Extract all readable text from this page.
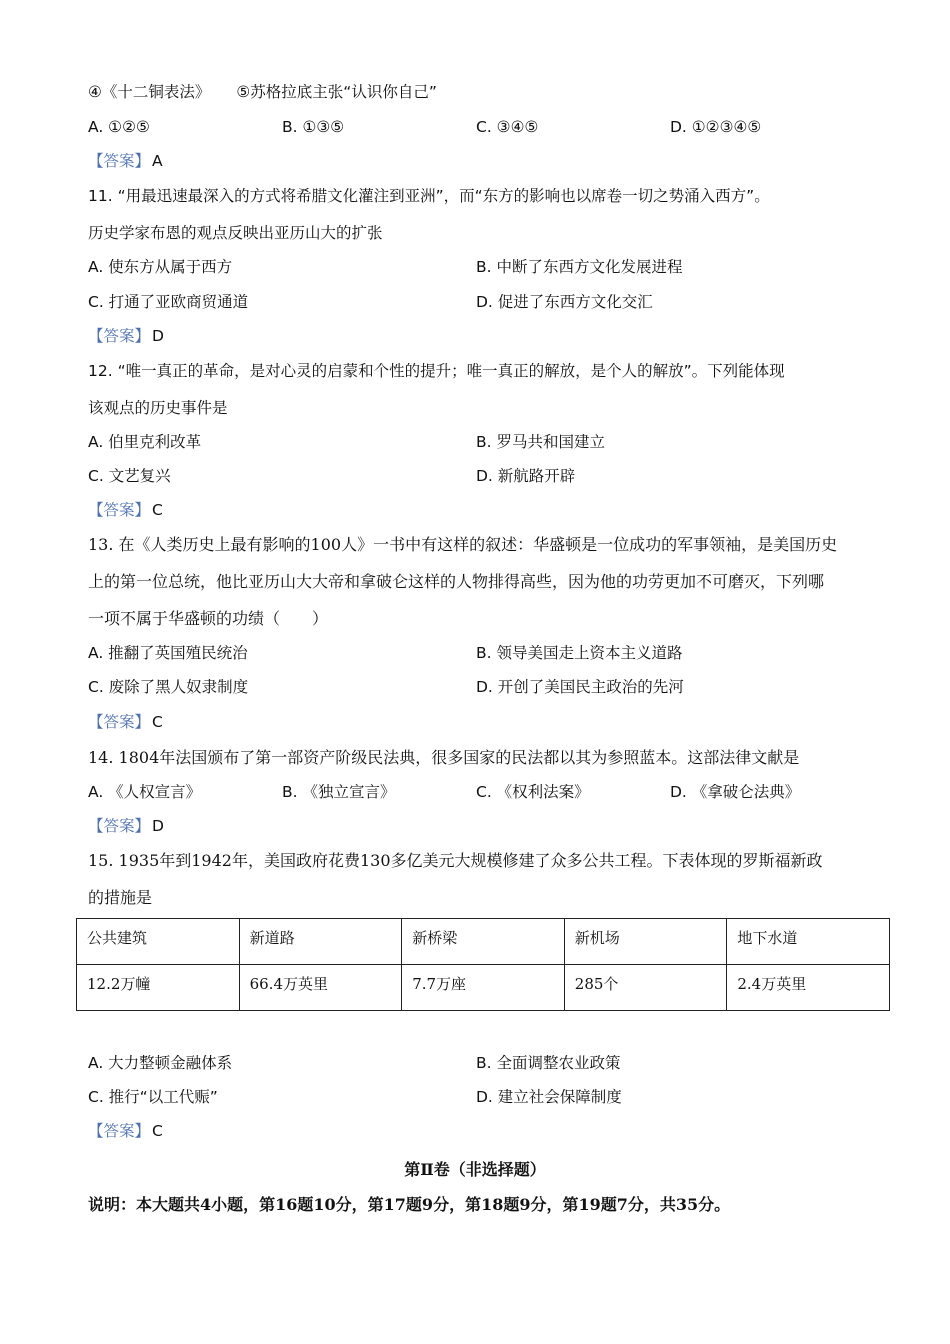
④《十二铜表法》 ⑤苏格拉底主张“认识你自己”
A. ①②⑤	B. ①③⑤	C. ③④⑤	D. ①②③④⑤
【答案】 A
11. “用最迅速最深入的方式将希腊文化灌注到亚洲”，而“东方的影响也以席卷一切之势涌入西方”。
历史学家布恩的观点反映出亚历山大的扩张
A. 使东方从属于西方	B. 中断了东西方文化发展进程
C. 打通了亚欧商贸通道	D. 促进了东西方文化交汇
【答案】 D
12. “唯一真正的革命，是对心灵的启蒙和个性的提升；唯一真正的解放，是个人的解放”。下列能体现
该观点的历史事件是
A. 伯里克利改革	B. 罗马共和国建立
C. 文艺复兴	D. 新航路开辟
【答案】 C
13. 在《人类历史上最有影响的100人》一书中有这样的叙述：华盛顿是一位成功的军事领袖，是美国历史
上的第一位总统，他比亚历山大大帝和拿破仑这样的人物排得高些，因为他的功劳更加不可磨灭，下列哪
一项不属于华盛顿的功绩（　　）
A. 推翻了英国殖民统治	B. 领导美国走上资本主义道路
C. 废除了黑人奴隶制度	D. 开创了美国民主政治的先河
【答案】 C
14. 1804年法国颁布了第一部资产阶级民法典，很多国家的民法都以其为参照蓝本。这部法律文献是
A. 《人权宣言》	B. 《独立宣言》	C. 《权利法案》	D. 《拿破仑法典》
【答案】 D
15. 1935年到1942年，美国政府花费130多亿美元大规模修建了众多公共工程。下表体现的罗斯福新政
的措施是
公共建筑	新道路	新桥梁	新机场	地下水道
12.2万幢	66.4万英里	7.7万座	285个	2.4万英里
A. 大力整顿金融体系	B. 全面调整农业政策
C. 推行“以工代赈”	D. 建立社会保障制度
【答案】 C
第Ⅱ卷（非选择题）
说明：本大题共4小题，第16题10分，第17题9分，第18题9分，第19题7分，共35分。
